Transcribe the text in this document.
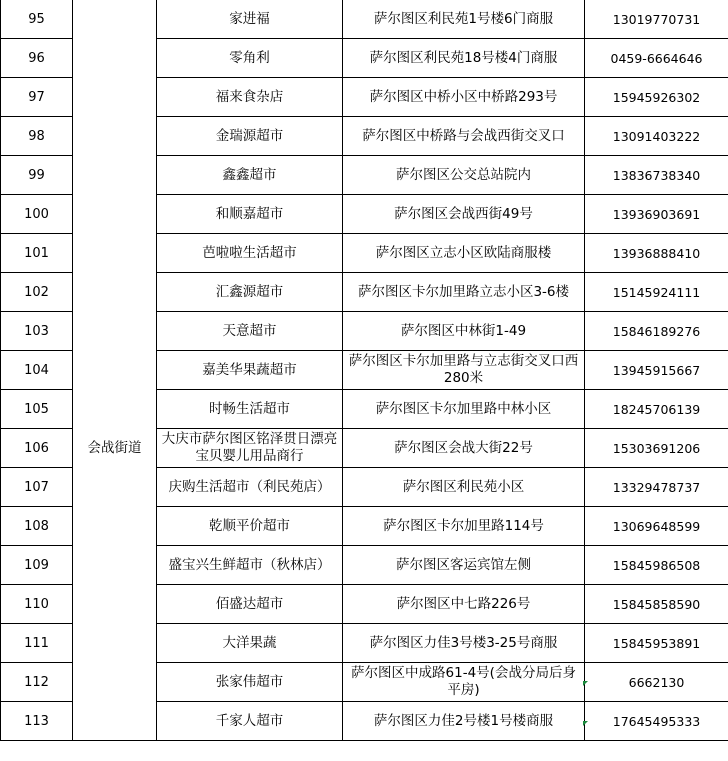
95		家进福	萨尔图区利民苑1号楼6门商服	13019770731
96		零角利	萨尔图区利民苑18号楼4门商服	0459-6664646
97		福来食杂店	萨尔图区中桥小区中桥路293号	15945926302
98		金瑞源超市	萨尔图区中桥路与会战西街交叉口	13091403222
99		鑫鑫超市	萨尔图区公交总站院内	13836738340
100		和顺嘉超市	萨尔图区会战西街49号	13936903691
101		芭啦啦生活超市	萨尔图区立志小区欧陆商服楼	13936888410
102		汇鑫源超市	萨尔图区卡尔加里路立志小区3-6楼	15145924111
103		天意超市	萨尔图区中林街1-49	15846189276
104		嘉美华果蔬超市	萨尔图区卡尔加里路与立志街交叉口西280米	13945915667
105		时畅生活超市	萨尔图区卡尔加里路中林小区	18245706139
106	会战街道	大庆市萨尔图区铭泽贯日漂亮宝贝婴儿用品商行	萨尔图区会战大街22号	15303691206
107		庆购生活超市（利民苑店）	萨尔图区利民苑小区	13329478737
108		乾顺平价超市	萨尔图区卡尔加里路114号	13069648599
109		盛宝兴生鲜超市（秋林店）	萨尔图区客运宾馆左侧	15845986508
110		佰盛达超市	萨尔图区中七路226号	15845858590
111		大洋果蔬	萨尔图区力佳3号楼3-25号商服	15845953891
112		张家伟超市	萨尔图区中成路61-4号(会战分局后身平房)	6662130
113		千家人超市	萨尔图区力佳2号楼1号楼商服	17645495333
